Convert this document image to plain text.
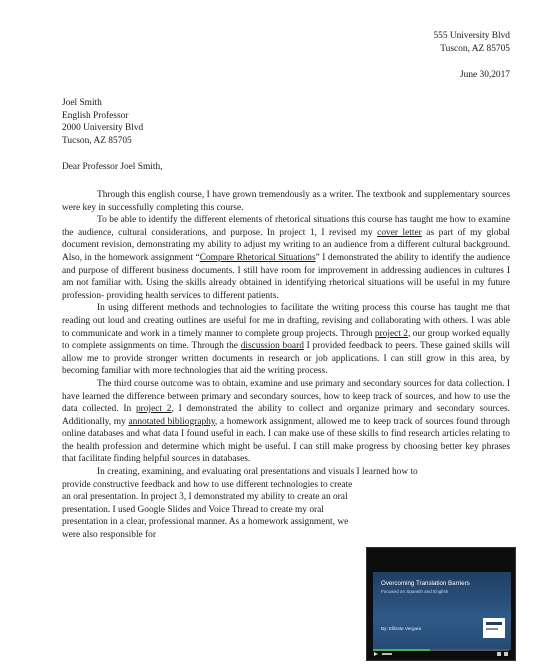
555 University Blvd
Tuscon, AZ 85705
June 30,2017
Joel Smith
English Professor
2000 University Blvd
Tucson, AZ 85705
Dear Professor Joel Smith,

Through this english course, I have grown tremendously as a writer. The textbook and supplementary sources were key in successfully completing this course.

To be able to identify the different elements of rhetorical situations this course has taught me how to examine the audience, cultural considerations, and purpose. In project 1, I revised my cover letter as part of my global document revision, demonstrating my ability to adjust my writing to an audience from a different cultural background. Also, in the homework assignment “Compare Rhetorical Situations” I demonstrated the ability to identify the audience and purpose of different business documents. I still have room for improvement in addressing audiences in cultures I am not familiar with. Using the skills already obtained in identifying rhetorical situations will be useful in my future profession- providing health services to different patients.

In using different methods and technologies to facilitate the writing process this course has taught me that reading out loud and creating outlines are useful for me in drafting, revising and collaborating with others. I was able to communicate and work in a timely manner to complete group projects. Through project 2, our group worked equally to complete assignments on time. Through the discussion board I provided feedback to peers. These gained skills will allow me to provide stronger written documents in research or job applications. I can still grow in this area, by becoming familiar with more technologies that aid the writing process.

The third course outcome was to obtain, examine and use primary and secondary sources for data collection. I have learned the difference between primary and secondary sources, how to keep track of sources, and how to use the data collected. In project 2, I demonstrated the ability to collect and organize primary and secondary sources. Additionally, my annotated bibliography, a homework assignment, allowed me to keep track of sources found through online databases and what data I found useful in each. I can make use of these skills to find research articles relating to the health profession and determine which might be useful. I can still make progress by choosing better key phrases that facilitate finding helpful sources in databases.

In creating, examining, and evaluating oral presentations and visuals I learned how to

provide constructive feedback and how to use different technologies to create an oral presentation. In project 3, I demonstrated my ability to create an oral presentation. I used Google Slides and Voice Thread to create my oral presentation in a clear, professional manner. As a homework assignment, we were also responsible for

Overcoming Translation Barriers
Focused on Spanish and English
By: Ellizete Vergara
